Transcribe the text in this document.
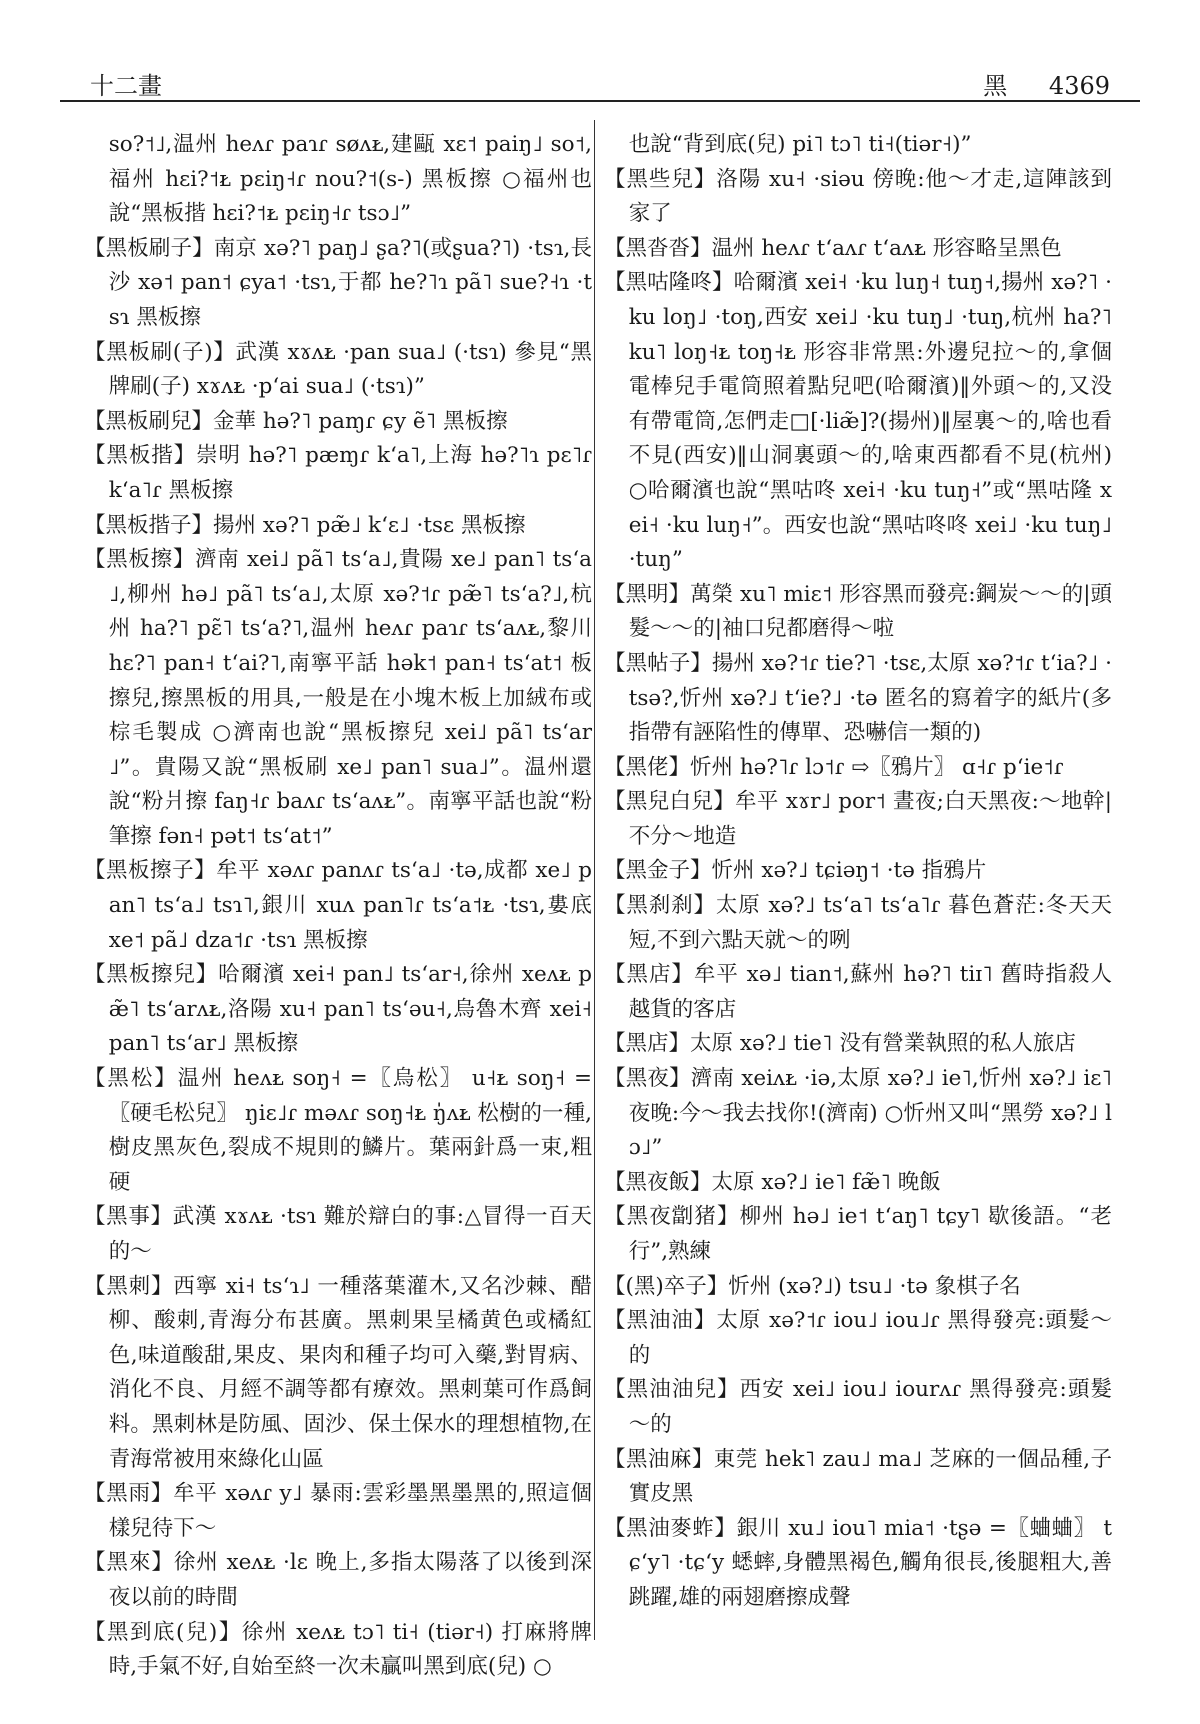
十二畫	黑 4369

so?˦˩,温州 heʌɾ paɿɾ søʌᴌ,建甌 xɛ˦ paiŋ˩ so˦,福州 hɛi?˦ᴌ pɛiŋ˧ɾ nou?˦(s-) 黑板擦 ○福州也說“黑板揩 hɛi?˦ᴌ pɛiŋ˧ɾ tsɔ˩”

【黑板刷子】南京 xə?˥ paŋ˩ ʂa?˥(或ʂua?˥) ·tsɿ,長沙 xə˦ pan˦ ɕya˦ ·tsɿ,于都 he?˥ɿ pã˥ sue?˧ɿ ·tsɿ 黑板擦

【黑板刷(子)】武漢 xɤʌᴌ ·pan sua˩ (·tsɿ) 參見“黑牌刷(子) xɤʌᴌ ·pʻai sua˩ (·tsɿ)”

【黑板刷兒】金華 hə?˥ paɱɾ ɕy ẽ˥ 黑板擦

【黑板揩】崇明 hə?˥ pæɱɾ kʻa˥,上海 hə?˥ɿ pɛ˥ɾ kʻa˥ɾ 黑板擦

【黑板揩子】揚州 xə?˥ pæ̃˩ kʻɛ˩ ·tsɛ 黑板擦

【黑板擦】濟南 xei˩ pã˥ tsʻa˩,貴陽 xe˩ pan˥ tsʻa˩,柳州 hə˩ pã˥ tsʻa˩,太原 xə?˦ɾ pæ̃˥ tsʻa?˩,杭州 ha?˥ pɛ̃˥ tsʻa?˥,温州 heʌɾ paɿɾ tsʻaʌᴌ,黎川 hɛ?˥ pan˧ tʻai?˥,南寧平話 hək˦ pan˧ tsʻat˦ 板擦兒,擦黑板的用具,一般是在小塊木板上加絨布或棕毛製成 ○濟南也說“黑板擦兒 xei˩ pã˥ tsʻar˩”。貴陽又說“黑板刷 xe˩ pan˥ sua˩”。温州還說“粉爿擦 faŋ˧ɾ baʌɾ tsʻaʌᴌ”。南寧平話也說“粉筆擦 fən˧ pət˦ tsʻat˦”

【黑板擦子】牟平 xəʌɾ panʌɾ tsʻa˩ ·tə,成都 xe˩ pan˥ tsʻa˩ tsɿ˥,銀川 xuʌ pan˥ɾ tsʻa˦ᴌ ·tsɿ,婁底 xe˦ pã˩ dza˦ɾ ·tsɿ 黑板擦

【黑板擦兒】哈爾濱 xei˧ pan˩ tsʻar˧,徐州 xeʌᴌ pæ̃˥ tsʻarʌᴌ,洛陽 xu˧ pan˥ tsʻəu˧,烏魯木齊 xei˧ pan˥ tsʻar˩ 黑板擦

【黑松】温州 heʌᴌ soŋ˧ =〖烏松〗 u˧ᴌ soŋ˧ =〖硬毛松兒〗 ŋiɛ˩ɾ məʌɾ soŋ˧ᴌ ŋ̍ʌᴌ 松樹的一種,樹皮黑灰色,裂成不規則的鱗片。葉兩針爲一束,粗硬

【黑事】武漢 xɤʌᴌ ·tsɿ 難於辯白的事:△冒得一百天的～

【黑刺】西寧 xi˧ tsʻɿ˩ 一種落葉灌木,又名沙棘、醋柳、酸刺,青海分布甚廣。黑刺果呈橘黄色或橘紅色,味道酸甜,果皮、果肉和種子均可入藥,對胃病、消化不良、月經不調等都有療效。黑刺葉可作爲飼料。黑刺林是防風、固沙、保土保水的理想植物,在青海常被用來綠化山區

【黑雨】牟平 xəʌɾ y˩ 暴雨:雲彩墨黑墨黑的,照這個樣兒待下～

【黑來】徐州 xeʌᴌ ·lɛ 晚上,多指太陽落了以後到深夜以前的時間

【黑到底(兒)】徐州 xeʌᴌ tɔ˥ ti˧ (tiər˧) 打麻將牌時,手氣不好,自始至終一次未贏叫黑到底(兒) ○

也說“背到底(兒) pi˥ tɔ˥ ti˧(tiər˧)”

【黑些兒】洛陽 xu˧ ·siəu 傍晚:他～才走,這陣該到家了

【黑沓沓】温州 heʌɾ tʻaʌɾ tʻaʌᴌ 形容略呈黑色

【黑咕隆咚】哈爾濱 xei˧ ·ku luŋ˧ tuŋ˧,揚州 xə?˥ ·ku loŋ˩ ·toŋ,西安 xei˩ ·ku tuŋ˩ ·tuŋ,杭州 ha?˥ ku˥ loŋ˧ᴌ toŋ˧ᴌ 形容非常黑:外邊兒拉～的,拿個電棒兒手電筒照着點兒吧(哈爾濱)‖外頭～的,又没有帶電筒,怎們走□[·liæ̃]?(揚州)‖屋裏～的,啥也看不見(西安)‖山洞裏頭～的,啥東西都看不見(杭州) ○哈爾濱也說“黑咕咚 xei˧ ·ku tuŋ˧”或“黑咕隆 xei˧ ·ku luŋ˧”。西安也說“黑咕咚咚 xei˩ ·ku tuŋ˩ ·tuŋ”

【黑明】萬榮 xu˥ miɛ˦ 形容黑而發亮:鋼炭～～的|頭髮～～的|袖口兒都磨得～啦

【黑帖子】揚州 xə?˦ɾ tie?˥ ·tsɛ,太原 xə?˦ɾ tʻia?˩ ·tsə?,忻州 xə?˩ tʻie?˩ ·tə 匿名的寫着字的紙片(多指帶有誣陷性的傳單、恐嚇信一類的)

【黑佬】忻州 hə?˥ɾ lɔ˦ɾ ⇨〖鴉片〗 ɑ˧ɾ pʻie˦ɾ

【黑兒白兒】牟平 xɤr˩ por˦ 晝夜;白天黑夜:～地幹|不分～地造

【黑金子】忻州 xə?˩ tɕiəŋ˦ ·tə 指鴉片

【黑刹刹】太原 xə?˩ tsʻa˥ tsʻa˥ɾ 暮色蒼茫:冬天天短,不到六點天就～的咧

【黑店】牟平 xə˩ tian˦,蘇州 hə?˥ tiɪ˥ 舊時指殺人越貨的客店

【黑店】太原 xə?˩ tie˥ 没有營業執照的私人旅店

【黑夜】濟南 xeiʌᴌ ·iə,太原 xə?˩ ie˥,忻州 xə?˩ iɛ˥ 夜晚:今～我去找你!(濟南) ○忻州又叫“黑勞 xə?˩ lɔ˩”

【黑夜飯】太原 xə?˩ ie˥ fæ̃˥ 晚飯

【黑夜劏猪】柳州 hə˩ ie˦ tʻaŋ˥ tɕy˥ 歇後語。“老行”,熟練

【(黑)卒子】忻州 (xə?˩) tsu˩ ·tə 象棋子名

【黑油油】太原 xə?˦ɾ iou˩ iou˩ɾ 黑得發亮:頭髮～的

【黑油油兒】西安 xei˩ iou˩ iourʌɾ 黑得發亮:頭髮～的

【黑油麻】東莞 hek˥ zau˩ ma˩ 芝麻的一個品種,子實皮黑

【黑油麥蚱】銀川 xu˩ iou˥ mia˦ ·tʂə =〖蛐蛐〗 tɕʻy˥ ·tɕʻy 蟋蟀,身體黑褐色,觸角很長,後腿粗大,善跳躍,雄的兩翅磨擦成聲
